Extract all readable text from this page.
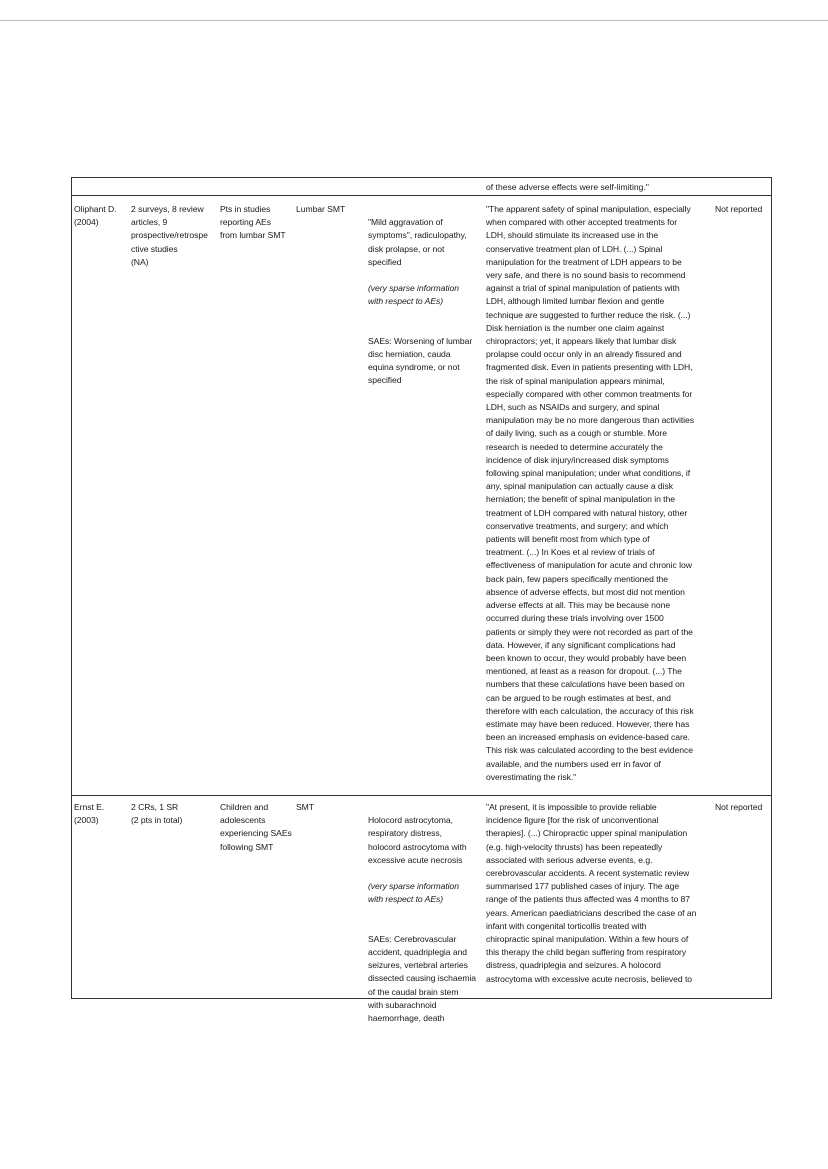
of these adverse effects were self-limiting."
Oliphant D.
(2004)
2 surveys, 8 review
articles, 9
prospective/retrospe
ctive studies
(NA)
Pts in studies
reporting AEs
from lumbar SMT
Lumbar SMT

"Mild aggravation of
symptoms", radiculopathy,
disk prolapse, or not
specified

(very sparse information
with respect to AEs)

SAEs: Worsening of lumbar
disc herniation, cauda
equina syndrome, or not
specified

"The apparent safety of spinal manipulation, especially
when compared with other accepted treatments for
LDH, should stimulate its increased use in the
conservative treatment plan of LDH. (...) Spinal
manipulation for the treatment of LDH appears to be
very safe, and there is no sound basis to recommend
against a trial of spinal manipulation of patients with
LDH, although limited lumbar flexion and gentle
technique are suggested to further reduce the risk. (...)
Disk herniation is the number one claim against
chiropractors; yet, it appears likely that lumbar disk
prolapse could occur only in an already fissured and
fragmented disk. Even in patients presenting with LDH,
the risk of spinal manipulation appears minimal,
especially compared with other common treatments for
LDH, such as NSAIDs and surgery, and spinal
manipulation may be no more dangerous than activities
of daily living, such as a cough or stumble. More
research is needed to determine accurately the
incidence of disk injury/increased disk symptoms
following spinal manipulation; under what conditions, if
any, spinal manipulation can actually cause a disk
herniation; the benefit of spinal manipulation in the
treatment of LDH compared with natural history, other
conservative treatments, and surgery; and which
patients will benefit most from which type of
treatment. (...) In Koes et al review of trials of
effectiveness of manipulation for acute and chronic low
back pain, few papers specifically mentioned the
absence of adverse effects, but most did not mention
adverse effects at all. This may be because none
occurred during these trials involving over 1500
patients or simply they were not recorded as part of the
data. However, if any significant complications had
been known to occur, they would probably have been
mentioned, at least as a reason for dropout. (...) The
numbers that these calculations have been based on
can be argued to be rough estimates at best, and
therefore with each calculation, the accuracy of this risk
estimate may have been reduced. However, there has
been an increased emphasis on evidence-based care.
This risk was calculated according to the best evidence
available, and the numbers used err in favor of
overestimating the risk."
Not reported
Ernst E.
(2003)
2 CRs, 1 SR
(2 pts in total)
Children and
adolescents
experiencing SAEs
following SMT
SMT

Holocord astrocytoma,
respiratory distress,
holocord astrocytoma with
excessive acute necrosis

(very sparse information
with respect to AEs)

SAEs: Cerebrovascular
accident, quadriplegia and
seizures, vertebral arteries
dissected causing ischaemia
of the caudal brain stem
with subarachnoid
haemorrhage, death

"At present, it is impossible to provide reliable
incidence figure [for the risk of unconventional
therapies]. (...) Chiropractic upper spinal manipulation
(e.g. high-velocity thrusts) has been repeatedly
associated with serious adverse events, e.g.
cerebrovascular accidents. A recent systematic review
summarised 177 published cases of injury. The age
range of the patients thus affected was 4 months to 87
years. American paediatricians described the case of an
infant with congenital torticollis treated with
chiropractic spinal manipulation. Within a few hours of
this therapy the child began suffering from respiratory
distress, quadriplegia and seizures. A holocord
astrocytoma with excessive acute necrosis, believed to
Not reported
